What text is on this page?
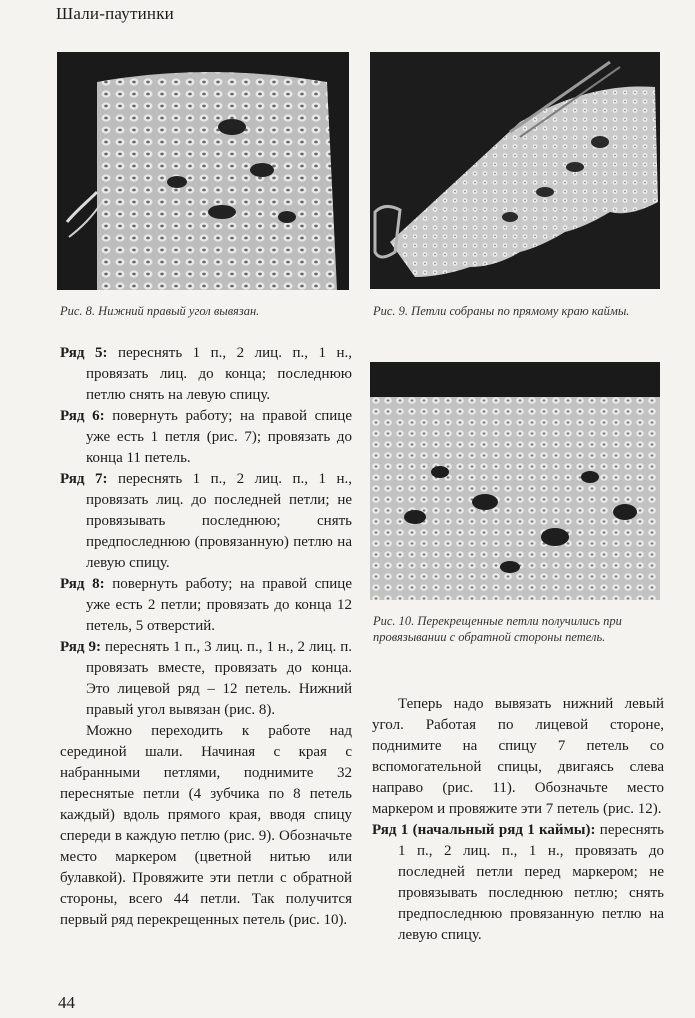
Шали-паутинки
Рис. 8. Нижний правый угол вывязан.	Рис. 9. Петли собраны по прямому краю каймы.
Рис. 10. Перекрещенные петли получились при провязывании с обратной стороны петель.

Ряд 5: переснять 1 п., 2 лиц. п., 1 н., провязать лиц. до конца; последнюю петлю снять на левую спицу.

Ряд 6: повернуть работу; на правой спице уже есть 1 петля (рис. 7); провязать до конца 11 петель.

Ряд 7: переснять 1 п., 2 лиц. п., 1 н., провязать лиц. до последней петли; не провязывать последнюю; снять предпоследнюю (провязанную) петлю на левую спицу.

Ряд 8: повернуть работу; на правой спице уже есть 2 петли; провязать до конца 12 петель, 5 отверстий.

Ряд 9: переснять 1 п., 3 лиц. п., 1 н., 2 лиц. п. провязать вместе, провязать до конца. Это лицевой ряд – 12 петель. Нижний правый угол вывязан (рис. 8).

Можно переходить к работе над серединой шали. Начиная с края с набранными петлями, поднимите 32 переснятые петли (4 зубчика по 8 петель каждый) вдоль прямого края, вводя спицу спереди в каждую петлю (рис. 9). Обозначьте место маркером (цветной нитью или булавкой). Провяжите эти петли с обратной стороны, всего 44 петли. Так получится первый ряд перекрещенных петель (рис. 10).

Теперь надо вывязать нижний левый угол. Работая по лицевой стороне, поднимите на спицу 7 петель со вспомогательной спицы, двигаясь слева направо (рис. 11). Обозначьте место маркером и провяжите эти 7 петель (рис. 12).

Ряд 1 (начальный ряд 1 каймы): переснять 1 п., 2 лиц. п., 1 н., провязать до последней петли перед маркером; не провязывать последнюю петлю; снять предпоследнюю провязанную петлю на левую спицу.

44
